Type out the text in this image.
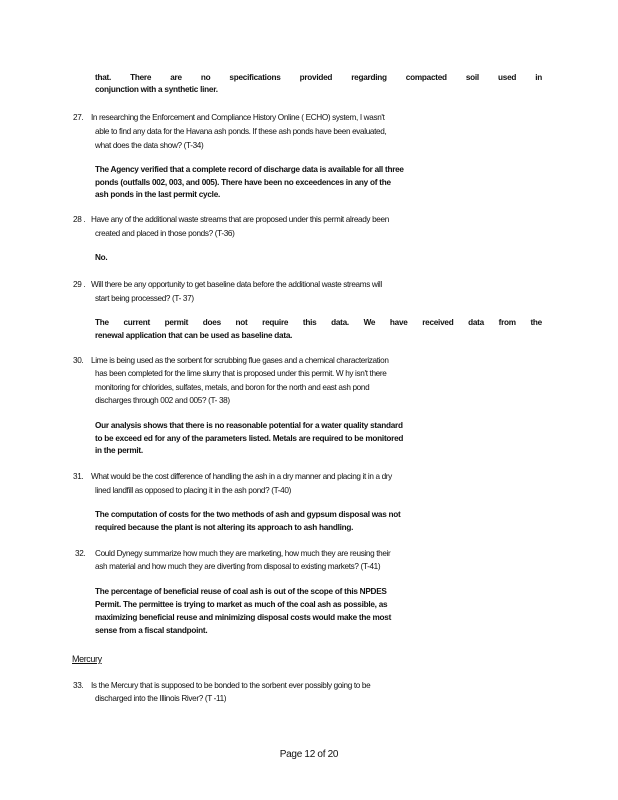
that. There are no specifications provided regarding compacted soil used in
conjunction with a synthetic liner.
27. In researching the Enforcement and Compliance History Online ( ECHO) system, I wasn't
able to find any data for the Havana ash ponds. If these ash ponds have been evaluated,
what does the data show? (T-34)
The Agency verified that a complete record of discharge data is available for all three
ponds (outfalls 002, 003, and 005). There have been no exceedences in any of the
ash ponds in the last permit cycle.
28 . Have any of the additional waste streams that are proposed under this permit already been
created and placed in those ponds? (T-36)
No.
29 . Will there be any opportunity to get baseline data before the additional waste streams will
start being processed? (T- 37)
The current permit does not require this data. We have received data from the
renewal application that can be used as baseline data.
30. Lime is being used as the sorbent for scrubbing flue gases and a chemical characterization
has been completed for the lime slurry that is proposed under this permit. W hy isn't there
monitoring for chlorides, sulfates, metals, and boron for the north and east ash pond
discharges through 002 and 005? (T- 38)
Our analysis shows that there is no reasonable potential for a water quality standard
to be exceed ed for any of the parameters listed. Metals are required to be monitored
in the permit.
31. What would be the cost difference of handling the ash in a dry manner and placing it in a dry
lined landfill as opposed to placing it in the ash pond? (T-40)
The computation of costs for the two methods of ash and gypsum disposal was not
required because the plant is not altering its approach to ash handling.
32. Could Dynegy summarize how much they are marketing, how much they are reusing their
ash material and how much they are diverting from disposal to existing markets? (T-41)
The percentage of beneficial reuse of coal ash is out of the scope of this NPDES
Permit. The permittee is trying to market as much of the coal ash as possible, as
maximizing beneficial reuse and minimizing disposal costs would make the most
sense from a fiscal standpoint.
Mercury
33. Is the Mercury that is supposed to be bonded to the sorbent ever possibly going to be
discharged into the Illinois River? (T -11)
Page 12 of 20
